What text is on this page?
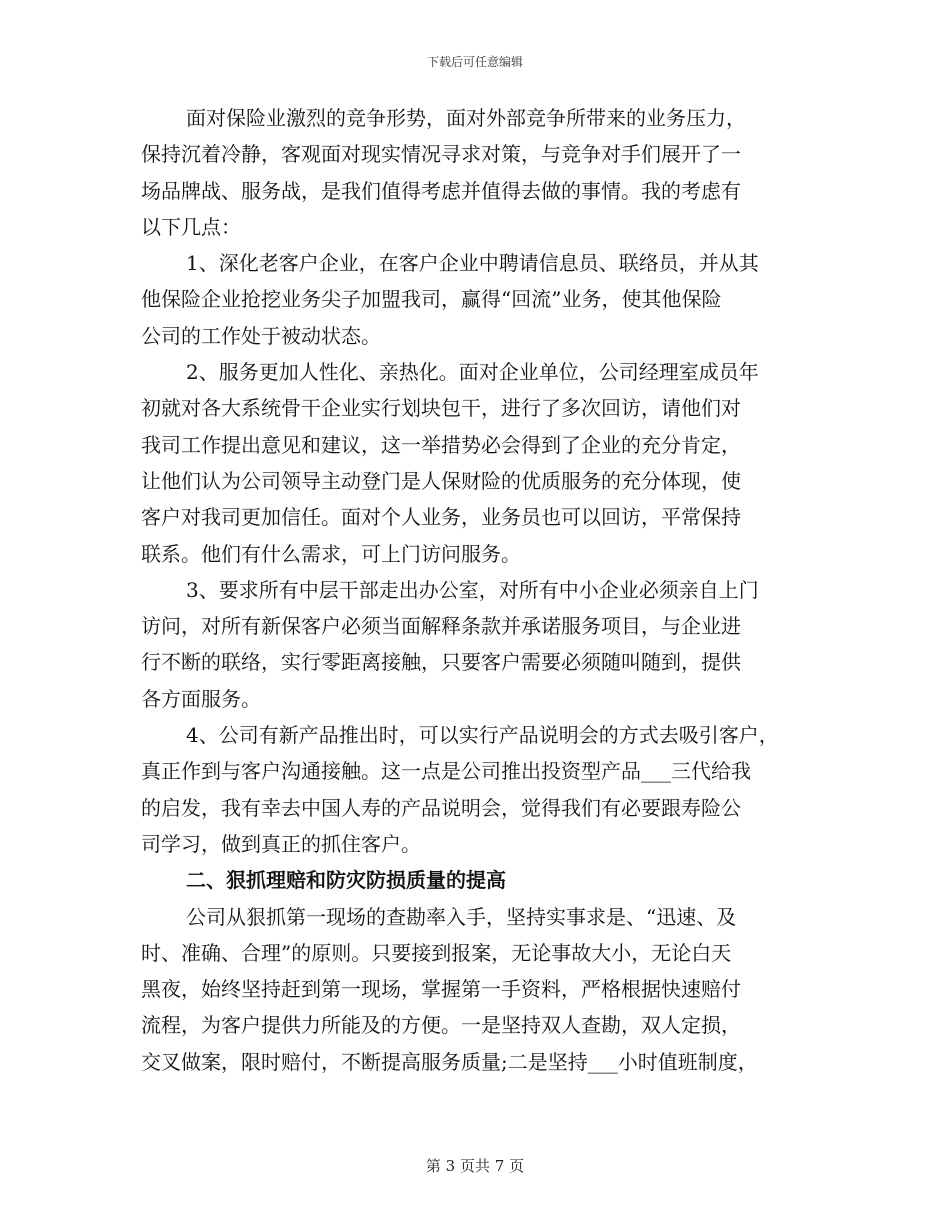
下载后可任意编辑
面对保险业激烈的竞争形势，面对外部竞争所带来的业务压力，
保持沉着冷静，客观面对现实情况寻求对策，与竞争对手们展开了一
场品牌战、服务战，是我们值得考虑并值得去做的事情。我的考虑有
以下几点：
1、深化老客户企业，在客户企业中聘请信息员、联络员，并从其
他保险企业抢挖业务尖子加盟我司，赢得“回流”业务，使其他保险
公司的工作处于被动状态。
2、服务更加人性化、亲热化。面对企业单位，公司经理室成员年
初就对各大系统骨干企业实行划块包干，进行了多次回访，请他们对
我司工作提出意见和建议，这一举措势必会得到了企业的充分肯定，
让他们认为公司领导主动登门是人保财险的优质服务的充分体现，使
客户对我司更加信任。面对个人业务，业务员也可以回访，平常保持
联系。他们有什么需求，可上门访问服务。
3、要求所有中层干部走出办公室，对所有中小企业必须亲自上门
访问，对所有新保客户必须当面解释条款并承诺服务项目，与企业进
行不断的联络，实行零距离接触，只要客户需要必须随叫随到，提供
各方面服务。
4、公司有新产品推出时，可以实行产品说明会的方式去吸引客户，
真正作到与客户沟通接触。这一点是公司推出投资型产品___三代给我
的启发，我有幸去中国人寿的产品说明会，觉得我们有必要跟寿险公
司学习，做到真正的抓住客户。
二、狠抓理赔和防灾防损质量的提高
公司从狠抓第一现场的查勘率入手，坚持实事求是、“迅速、及
时、准确、合理”的原则。只要接到报案，无论事故大小，无论白天
黑夜，始终坚持赶到第一现场，掌握第一手资料，严格根据快速赔付
流程，为客户提供力所能及的方便。一是坚持双人查勘，双人定损，
交叉做案，限时赔付，不断提高服务质量;二是坚持___小时值班制度，
第 3 页共 7 页
